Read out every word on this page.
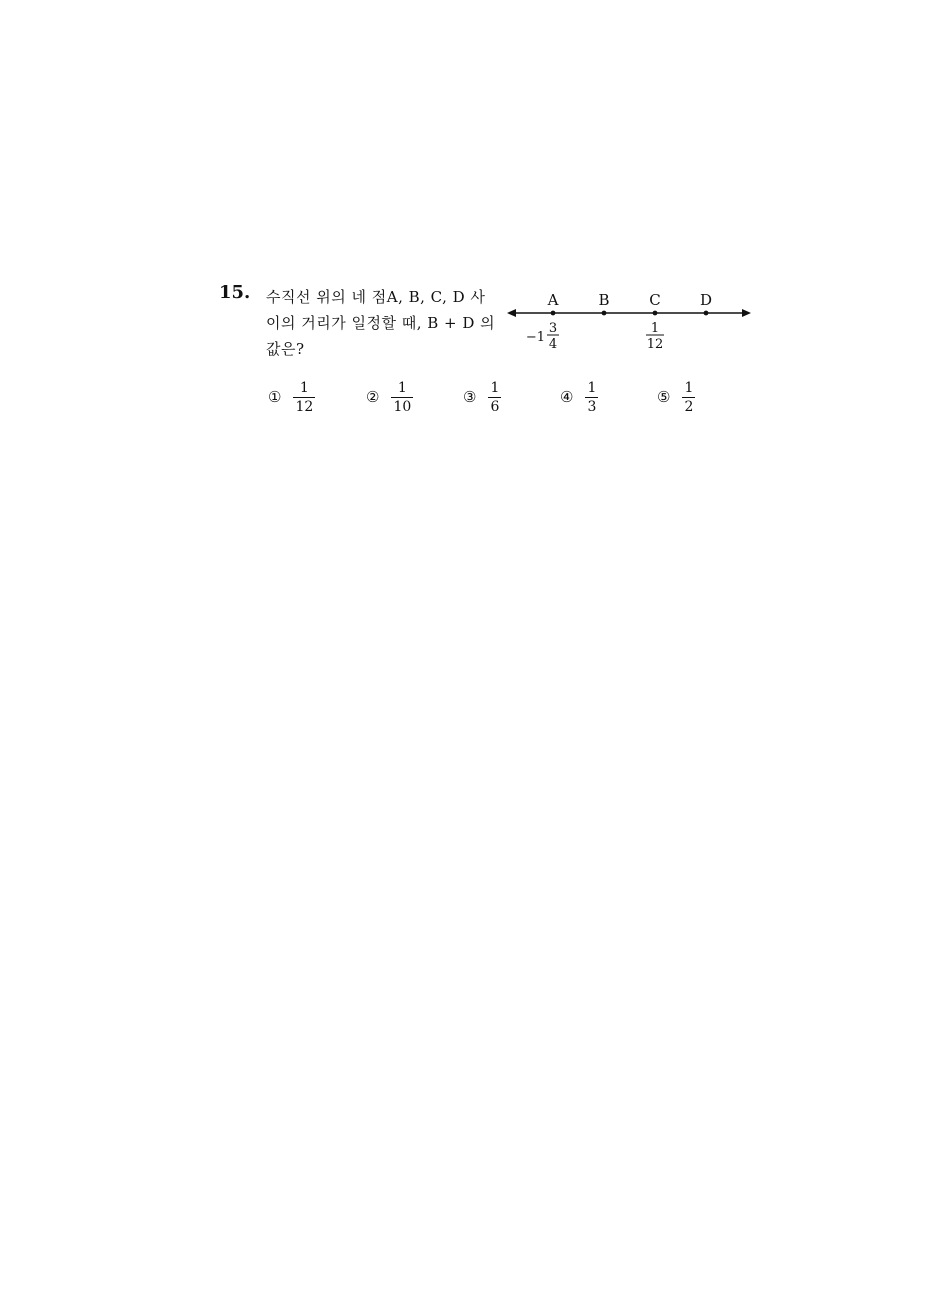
15. 수직선 위의 네 점A, B, C, D 사
이의 거리가 일정할 때, B + D 의
값은?
A	B	C	D
−1
3
4
1
12
① $\frac{1}{12}$	② $\frac{1}{10}$	③ $\frac{1}{6}$	④ $\frac{1}{3}$	⑤ $\frac{1}{2}$
